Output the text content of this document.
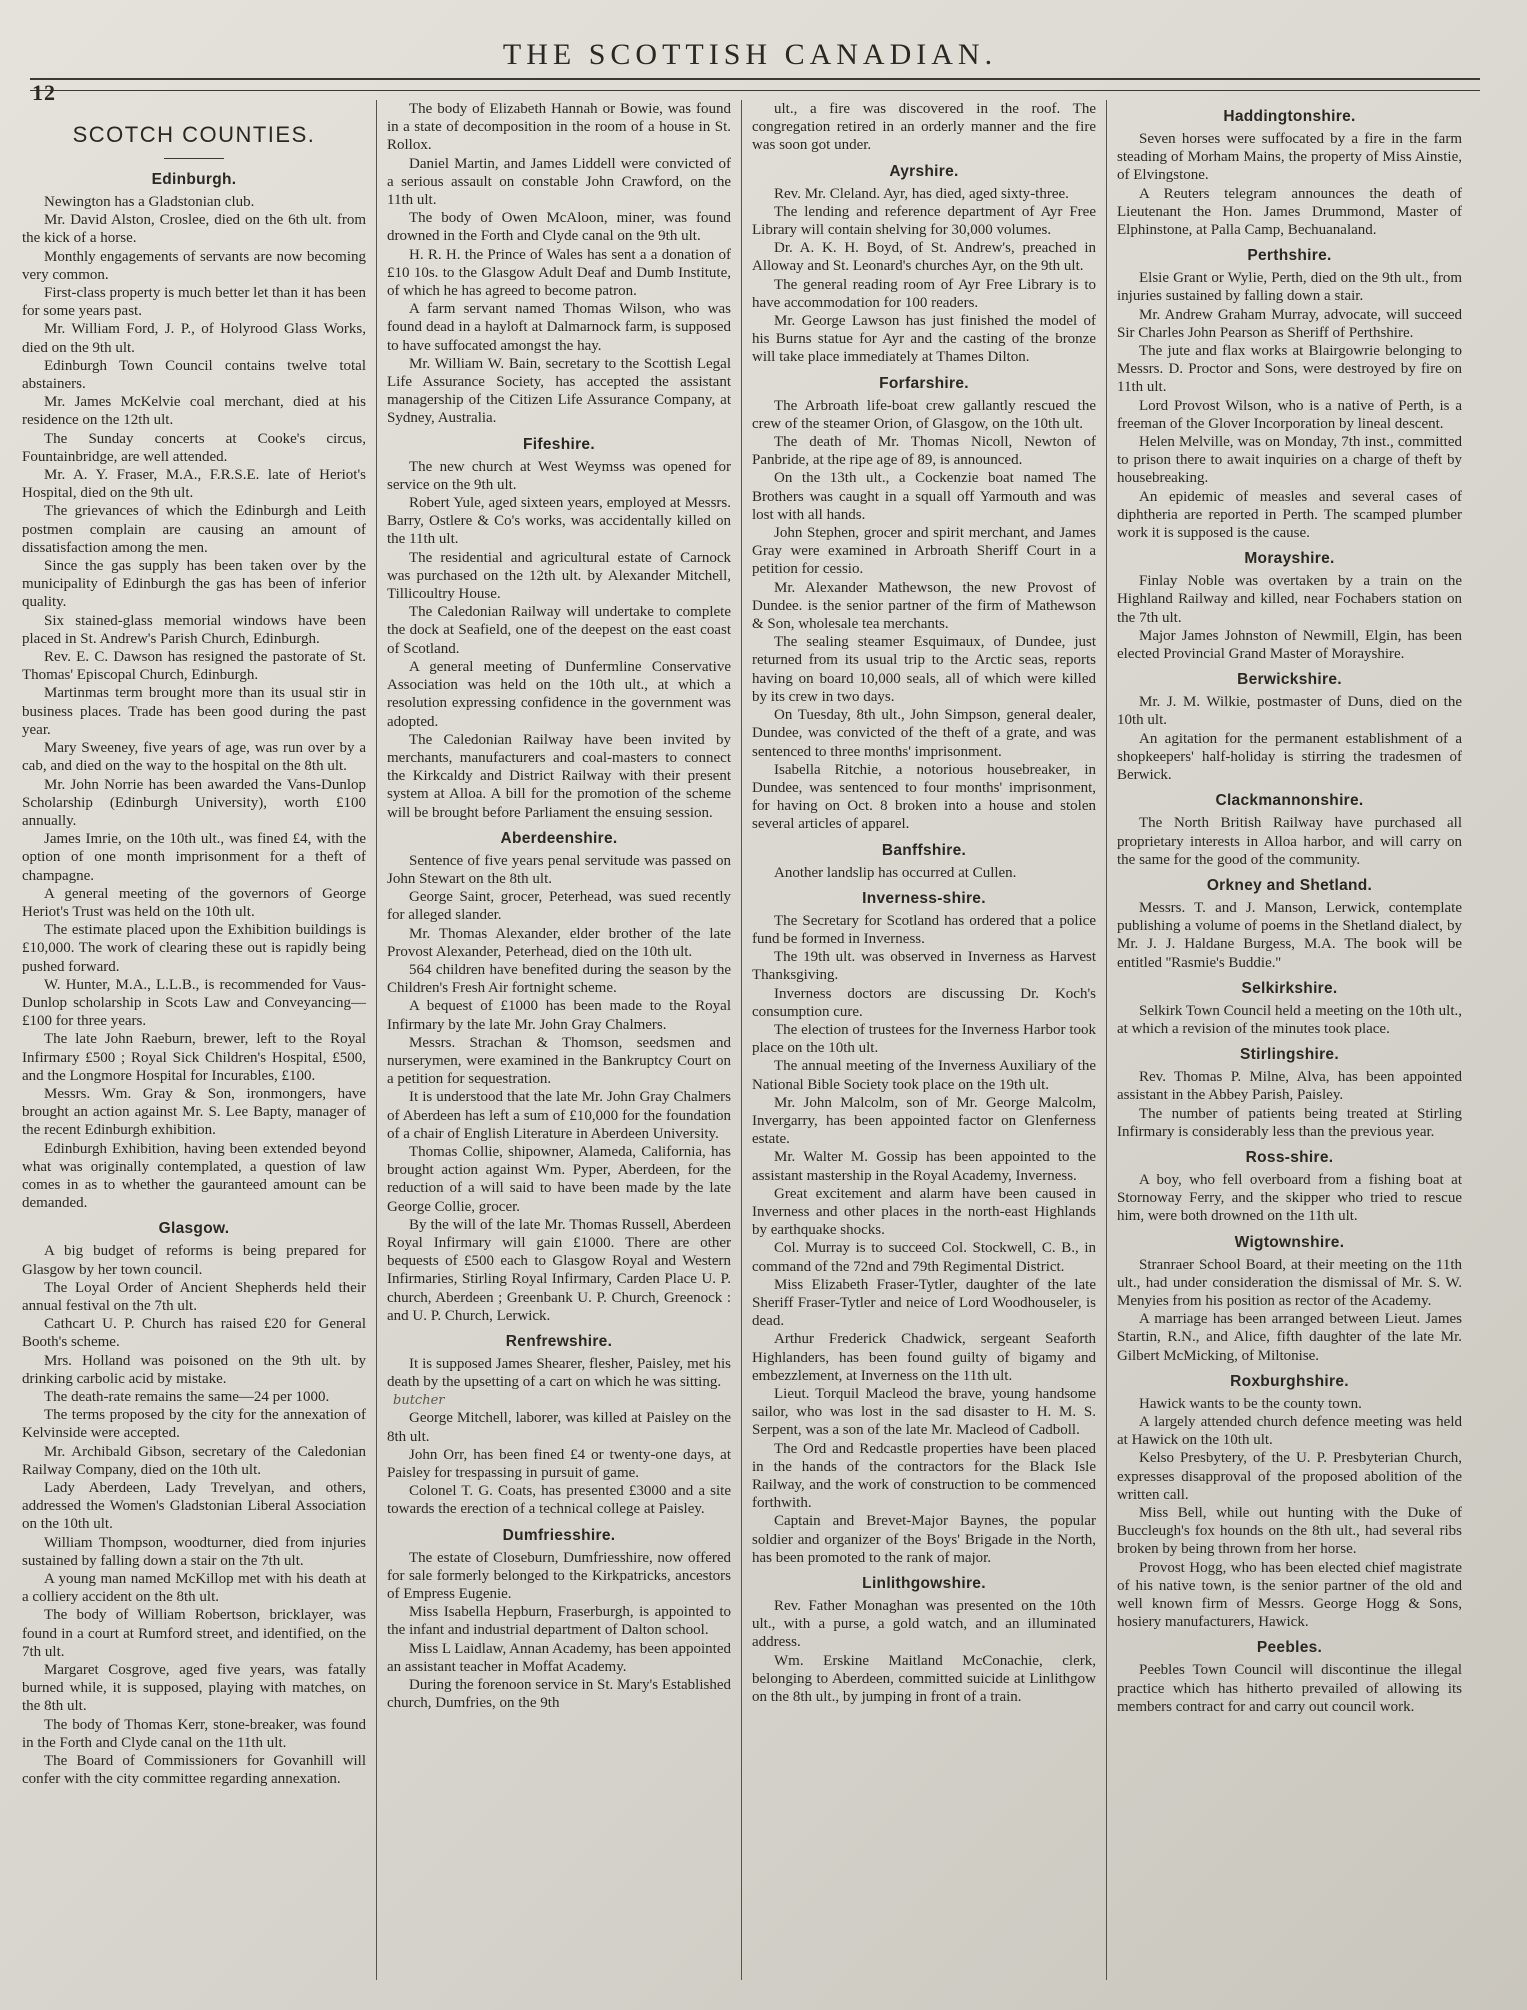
THE SCOTTISH CANADIAN.
12
SCOTCH COUNTIES.
Edinburgh.

Newington has a Gladstonian club.

Mr. David Alston, Croslee, died on the 6th ult. from the kick of a horse.

Monthly engagements of servants are now becoming very common.

First-class property is much better let than it has been for some years past.

Mr. William Ford, J. P., of Holyrood Glass Works, died on the 9th ult.

Edinburgh Town Council contains twelve total abstainers.

Mr. James McKelvie coal merchant, died at his residence on the 12th ult.

The Sunday concerts at Cooke's circus, Fountainbridge, are well attended.

Mr. A. Y. Fraser, M.A., F.R.S.E. late of Heriot's Hospital, died on the 9th ult.

The grievances of which the Edinburgh and Leith postmen complain are causing an amount of dissatisfaction among the men.

Since the gas supply has been taken over by the municipality of Edinburgh the gas has been of inferior quality.

Six stained-glass memorial windows have been placed in St. Andrew's Parish Church, Edinburgh.

Rev. E. C. Dawson has resigned the pastorate of St. Thomas' Episcopal Church, Edinburgh.

Martinmas term brought more than its usual stir in business places. Trade has been good during the past year.

Mary Sweeney, five years of age, was run over by a cab, and died on the way to the hospital on the 8th ult.

Mr. John Norrie has been awarded the Vans-Dunlop Scholarship (Edinburgh University), worth £100 annually.

James Imrie, on the 10th ult., was fined £4, with the option of one month imprisonment for a theft of champagne.

A general meeting of the governors of George Heriot's Trust was held on the 10th ult.

The estimate placed upon the Exhibition buildings is £10,000. The work of clearing these out is rapidly being pushed forward.

W. Hunter, M.A., L.L.B., is recommended for Vaus-Dunlop scholarship in Scots Law and Conveyancing—£100 for three years.

The late John Raeburn, brewer, left to the Royal Infirmary £500 ; Royal Sick Children's Hospital, £500, and the Longmore Hospital for Incurables, £100.

Messrs. Wm. Gray & Son, ironmongers, have brought an action against Mr. S. Lee Bapty, manager of the recent Edinburgh exhibition.

Edinburgh Exhibition, having been extended beyond what was originally contemplated, a question of law comes in as to whether the gauranteed amount can be demanded.

Glasgow.

A big budget of reforms is being prepared for Glasgow by her town council.

The Loyal Order of Ancient Shepherds held their annual festival on the 7th ult.

Cathcart U. P. Church has raised £20 for General Booth's scheme.

Mrs. Holland was poisoned on the 9th ult. by drinking carbolic acid by mistake.

The death-rate remains the same—24 per 1000.

The terms proposed by the city for the annexation of Kelvinside were accepted.

Mr. Archibald Gibson, secretary of the Caledonian Railway Company, died on the 10th ult.

Lady Aberdeen, Lady Trevelyan, and others, addressed the Women's Gladstonian Liberal Association on the 10th ult.

William Thompson, woodturner, died from injuries sustained by falling down a stair on the 7th ult.

A young man named McKillop met with his death at a colliery accident on the 8th ult.

The body of William Robertson, bricklayer, was found in a court at Rumford street, and identified, on the 7th ult.

Margaret Cosgrove, aged five years, was fatally burned while, it is supposed, playing with matches, on the 8th ult.

The body of Thomas Kerr, stone-breaker, was found in the Forth and Clyde canal on the 11th ult.

The Board of Commissioners for Govanhill will confer with the city committee regarding annexation.

The body of Elizabeth Hannah or Bowie, was found in a state of decomposition in the room of a house in St. Rollox.

Daniel Martin, and James Liddell were convicted of a serious assault on constable John Crawford, on the 11th ult.

The body of Owen McAloon, miner, was found drowned in the Forth and Clyde canal on the 9th ult.

H. R. H. the Prince of Wales has sent a a donation of £10 10s. to the Glasgow Adult Deaf and Dumb Institute, of which he has agreed to become patron.

A farm servant named Thomas Wilson, who was found dead in a hayloft at Dalmarnock farm, is supposed to have suffocated amongst the hay.

Mr. William W. Bain, secretary to the Scottish Legal Life Assurance Society, has accepted the assistant managership of the Citizen Life Assurance Company, at Sydney, Australia.

Fifeshire.

The new church at West Weymss was opened for service on the 9th ult.

Robert Yule, aged sixteen years, employed at Messrs. Barry, Ostlere & Co's works, was accidentally killed on the 11th ult.

The residential and agricultural estate of Carnock was purchased on the 12th ult. by Alexander Mitchell, Tillicoultry House.

The Caledonian Railway will undertake to complete the dock at Seafield, one of the deepest on the east coast of Scotland.

A general meeting of Dunfermline Conservative Association was held on the 10th ult., at which a resolution expressing confidence in the government was adopted.

The Caledonian Railway have been invited by merchants, manufacturers and coal-masters to connect the Kirkcaldy and District Railway with their present system at Alloa. A bill for the promotion of the scheme will be brought before Parliament the ensuing session.

Aberdeenshire.

Sentence of five years penal servitude was passed on John Stewart on the 8th ult.

George Saint, grocer, Peterhead, was sued recently for alleged slander.

Mr. Thomas Alexander, elder brother of the late Provost Alexander, Peterhead, died on the 10th ult.

564 children have benefited during the season by the Children's Fresh Air fortnight scheme.

A bequest of £1000 has been made to the Royal Infirmary by the late Mr. John Gray Chalmers.

Messrs. Strachan & Thomson, seedsmen and nurserymen, were examined in the Bankruptcy Court on a petition for sequestration.

It is understood that the late Mr. John Gray Chalmers of Aberdeen has left a sum of £10,000 for the foundation of a chair of English Literature in Aberdeen University.

Thomas Collie, shipowner, Alameda, California, has brought action against Wm. Pyper, Aberdeen, for the reduction of a will said to have been made by the late George Collie, grocer.

By the will of the late Mr. Thomas Russell, Aberdeen Royal Infirmary will gain £1000. There are other bequests of £500 each to Glasgow Royal and Western Infirmaries, Stirling Royal Infirmary, Carden Place U. P. church, Aberdeen ; Greenbank U. P. Church, Greenock : and U. P. Church, Lerwick.

Renfrewshire.

It is supposed James Shearer, flesher, Paisley, met his death by the upsetting of a cart on which he was sitting.

butcher

George Mitchell, laborer, was killed at Paisley on the 8th ult.

John Orr, has been fined £4 or twenty-one days, at Paisley for trespassing in pursuit of game.

Colonel T. G. Coats, has presented £3000 and a site towards the erection of a technical college at Paisley.

Dumfriesshire.

The estate of Closeburn, Dumfriesshire, now offered for sale formerly belonged to the Kirkpatricks, ancestors of Empress Eugenie.

Miss Isabella Hepburn, Fraserburgh, is appointed to the infant and industrial department of Dalton school.

Miss L Laidlaw, Annan Academy, has been appointed an assistant teacher in Moffat Academy.

During the forenoon service in St. Mary's Established church, Dumfries, on the 9th

ult., a fire was discovered in the roof. The congregation retired in an orderly manner and the fire was soon got under.

Ayrshire.

Rev. Mr. Cleland. Ayr, has died, aged sixty-three.

The lending and reference department of Ayr Free Library will contain shelving for 30,000 volumes.

Dr. A. K. H. Boyd, of St. Andrew's, preached in Alloway and St. Leonard's churches Ayr, on the 9th ult.

The general reading room of Ayr Free Library is to have accommodation for 100 readers.

Mr. George Lawson has just finished the model of his Burns statue for Ayr and the casting of the bronze will take place immediately at Thames Dilton.

Forfarshire.

The Arbroath life-boat crew gallantly rescued the crew of the steamer Orion, of Glasgow, on the 10th ult.

The death of Mr. Thomas Nicoll, Newton of Panbride, at the ripe age of 89, is announced.

On the 13th ult., a Cockenzie boat named The Brothers was caught in a squall off Yarmouth and was lost with all hands.

John Stephen, grocer and spirit merchant, and James Gray were examined in Arbroath Sheriff Court in a petition for cessio.

Mr. Alexander Mathewson, the new Provost of Dundee. is the senior partner of the firm of Mathewson & Son, wholesale tea merchants.

The sealing steamer Esquimaux, of Dundee, just returned from its usual trip to the Arctic seas, reports having on board 10,000 seals, all of which were killed by its crew in two days.

On Tuesday, 8th ult., John Simpson, general dealer, Dundee, was convicted of the theft of a grate, and was sentenced to three months' imprisonment.

Isabella Ritchie, a notorious housebreaker, in Dundee, was sentenced to four months' imprisonment, for having on Oct. 8 broken into a house and stolen several articles of apparel.

Banffshire.

Another landslip has occurred at Cullen.

Inverness-shire.

The Secretary for Scotland has ordered that a police fund be formed in Inverness.

The 19th ult. was observed in Inverness as Harvest Thanksgiving.

Inverness doctors are discussing Dr. Koch's consumption cure.

The election of trustees for the Inverness Harbor took place on the 10th ult.

The annual meeting of the Inverness Auxiliary of the National Bible Society took place on the 19th ult.

Mr. John Malcolm, son of Mr. George Malcolm, Invergarry, has been appointed factor on Glenferness estate.

Mr. Walter M. Gossip has been appointed to the assistant mastership in the Royal Academy, Inverness.

Great excitement and alarm have been caused in Inverness and other places in the north-east Highlands by earthquake shocks.

Col. Murray is to succeed Col. Stockwell, C. B., in command of the 72nd and 79th Regimental District.

Miss Elizabeth Fraser-Tytler, daughter of the late Sheriff Fraser-Tytler and neice of Lord Woodhouseler, is dead.

Arthur Frederick Chadwick, sergeant Seaforth Highlanders, has been found guilty of bigamy and embezzlement, at Inverness on the 11th ult.

Lieut. Torquil Macleod the brave, young handsome sailor, who was lost in the sad disaster to H. M. S. Serpent, was a son of the late Mr. Macleod of Cadboll.

The Ord and Redcastle properties have been placed in the hands of the contractors for the Black Isle Railway, and the work of construction to be commenced forthwith.

Captain and Brevet-Major Baynes, the popular soldier and organizer of the Boys' Brigade in the North, has been promoted to the rank of major.

Linlithgowshire.

Rev. Father Monaghan was presented on the 10th ult., with a purse, a gold watch, and an illuminated address.

Wm. Erskine Maitland McConachie, clerk, belonging to Aberdeen, committed suicide at Linlithgow on the 8th ult., by jumping in front of a train.

Haddingtonshire.

Seven horses were suffocated by a fire in the farm steading of Morham Mains, the property of Miss Ainstie, of Elvingstone.

A Reuters telegram announces the death of Lieutenant the Hon. James Drummond, Master of Elphinstone, at Palla Camp, Bechuanaland.

Perthshire.

Elsie Grant or Wylie, Perth, died on the 9th ult., from injuries sustained by falling down a stair.

Mr. Andrew Graham Murray, advocate, will succeed Sir Charles John Pearson as Sheriff of Perthshire.

The jute and flax works at Blairgowrie belonging to Messrs. D. Proctor and Sons, were destroyed by fire on 11th ult.

Lord Provost Wilson, who is a native of Perth, is a freeman of the Glover Incorporation by lineal descent.

Helen Melville, was on Monday, 7th inst., committed to prison there to await inquiries on a charge of theft by housebreaking.

An epidemic of measles and several cases of diphtheria are reported in Perth. The scamped plumber work it is supposed is the cause.

Morayshire.

Finlay Noble was overtaken by a train on the Highland Railway and killed, near Fochabers station on the 7th ult.

Major James Johnston of Newmill, Elgin, has been elected Provincial Grand Master of Morayshire.

Berwickshire.

Mr. J. M. Wilkie, postmaster of Duns, died on the 10th ult.

An agitation for the permanent establishment of a shopkeepers' half-holiday is stirring the tradesmen of Berwick.

Clackmannonshire.

The North British Railway have purchased all proprietary interests in Alloa harbor, and will carry on the same for the good of the community.

Orkney and Shetland.

Messrs. T. and J. Manson, Lerwick, contemplate publishing a volume of poems in the Shetland dialect, by Mr. J. J. Haldane Burgess, M.A. The book will be entitled ''Rasmie's Buddie.''

Selkirkshire.

Selkirk Town Council held a meeting on the 10th ult., at which a revision of the minutes took place.

Stirlingshire.

Rev. Thomas P. Milne, Alva, has been appointed assistant in the Abbey Parish, Paisley.

The number of patients being treated at Stirling Infirmary is considerably less than the previous year.

Ross-shire.

A boy, who fell overboard from a fishing boat at Stornoway Ferry, and the skipper who tried to rescue him, were both drowned on the 11th ult.

Wigtownshire.

Stranraer School Board, at their meeting on the 11th ult., had under consideration the dismissal of Mr. S. W. Menyies from his position as rector of the Academy.

A marriage has been arranged between Lieut. James Startin, R.N., and Alice, fifth daughter of the late Mr. Gilbert McMicking, of Miltonise.

Roxburghshire.

Hawick wants to be the county town.

A largely attended church defence meeting was held at Hawick on the 10th ult.

Kelso Presbytery, of the U. P. Presbyterian Church, expresses disapproval of the proposed abolition of the written call.

Miss Bell, while out hunting with the Duke of Buccleugh's fox hounds on the 8th ult., had several ribs broken by being thrown from her horse.

Provost Hogg, who has been elected chief magistrate of his native town, is the senior partner of the old and well known firm of Messrs. George Hogg & Sons, hosiery manufacturers, Hawick.

Peebles.

Peebles Town Council will discontinue the illegal practice which has hitherto prevailed of allowing its members contract for and carry out council work.
